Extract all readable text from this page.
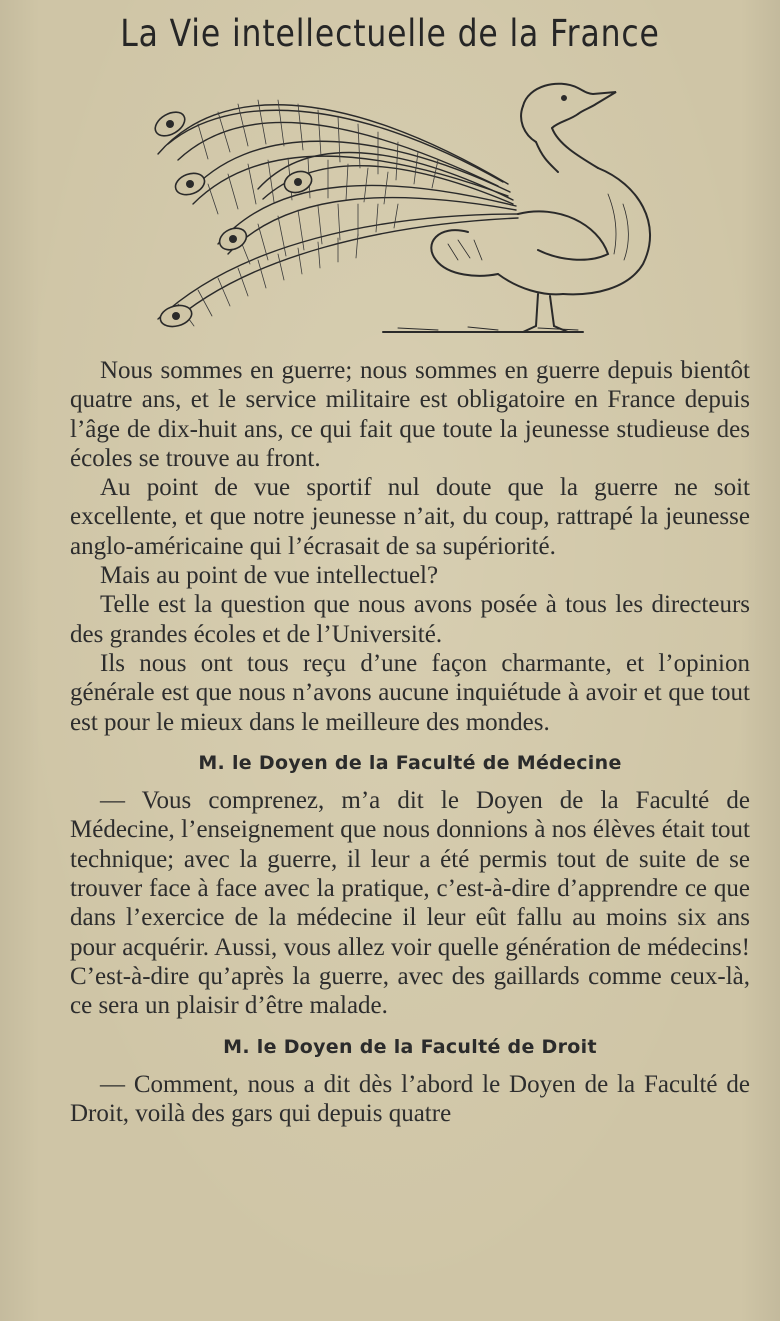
La Vie intellectuelle de la France

Nous sommes en guerre; nous sommes en guerre depuis bientôt quatre ans, et le service militaire est obligatoire en France depuis l’âge de dix-huit ans, ce qui fait que toute la jeunesse studieuse des écoles se trouve au front.

Au point de vue sportif nul doute que la guerre ne soit excellente, et que notre jeunesse n’ait, du coup, rattrapé la jeunesse anglo-américaine qui l’écrasait de sa supériorité.

Mais au point de vue intellectuel?

Telle est la question que nous avons posée à tous les directeurs des grandes écoles et de l’Université.

Ils nous ont tous reçu d’une façon charmante, et l’opinion générale est que nous n’avons aucune inquiétude à avoir et que tout est pour le mieux dans le meilleure des mondes.

M. le Doyen de la Faculté de Médecine

— Vous comprenez, m’a dit le Doyen de la Faculté de Médecine, l’enseignement que nous donnions à nos élèves était tout technique; avec la guerre, il leur a été permis tout de suite de se trouver face à face avec la pratique, c’est-à-dire d’apprendre ce que dans l’exercice de la médecine il leur eût fallu au moins six ans pour acquérir. Aussi, vous allez voir quelle génération de médecins! C’est-à-dire qu’après la guerre, avec des gaillards comme ceux-là, ce sera un plaisir d’être malade.

M. le Doyen de la Faculté de Droit

— Comment, nous a dit dès l’abord le Doyen de la Faculté de Droit, voilà des gars qui depuis quatre
